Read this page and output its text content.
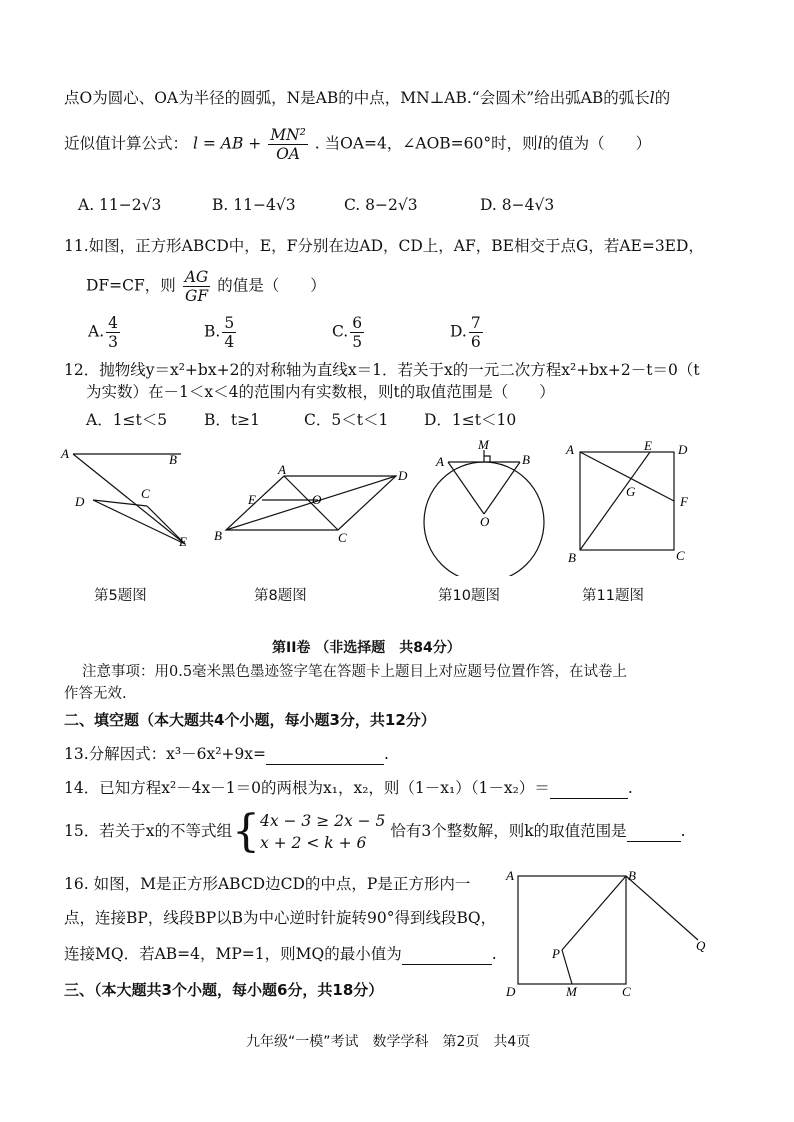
点O为圆心、OA为半径的圆弧，N是AB的中点，MN⊥AB.“会圆术”给出弧AB的弧长l的
近似值计算公式： l = AB + $\frac{\text{MN²}}{OA}$ . 当OA=4，∠AOB=60°时，则l的值为（　　）
A. 11−2√3	B. 11−4√3	C. 8−2√3	D. 8−4√3
11.如图，正方形ABCD中，E，F分别在边AD，CD上，AF，BE相交于点G，若AE=3ED，
DF=CF，则 $\frac{AG}{GF}$ 的值是（　　）
A. $\frac{4}{3}$	B. $\frac{5}{4}$	C. $\frac{6}{5}$	D. $\frac{7}{6}$
12．抛物线y＝x²+bx+2的对称轴为直线x＝1．若关于x的一元二次方程x²+bx+2－t＝0（t
为实数）在－1＜x＜4的范围内有实数根，则t的取值范围是（　　）
A．1≤t＜5 B．t≥1	C．5＜t＜1 D．1≤t＜10
A	B
D
C
E
A	D
E	O
B	C
M
A	B
O
A	E D
G
F
B	C
第5题图	第8题图	第10题图	第11题图
第II卷 （非选择题　共84分）
注意事项：用0.5毫米黑色墨迹签字笔在答题卡上题目上对应题号位置作答，在试卷上
作答无效.
二、填空题（本大题共4个小题，每小题3分，共12分）
13.分解因式：x³－6x²+9x=	.
14．已知方程x²－4x－1＝0的两根为x₁，x₂，则（1－x₁）（1－x₂）＝	.
15．若关于x的不等式组{ 4x − 3 ≥ 2x − 5
x + 2 < k + 6
恰有3个整数解，则k的取值范围是	.
16. 如图，M是正方形ABCD边CD的中点，P是正方形内一
点，连接BP，线段BP以B为中心逆时针旋转90°得到线段BQ，
连接MQ．若AB=4，MP=1，则MQ的最小值为	.
三、（本大题共3个小题，每小题6分，共18分）
A	B
P
Q
D	M	C
九年级“一模”考试　数学学科　第2页　共4页
